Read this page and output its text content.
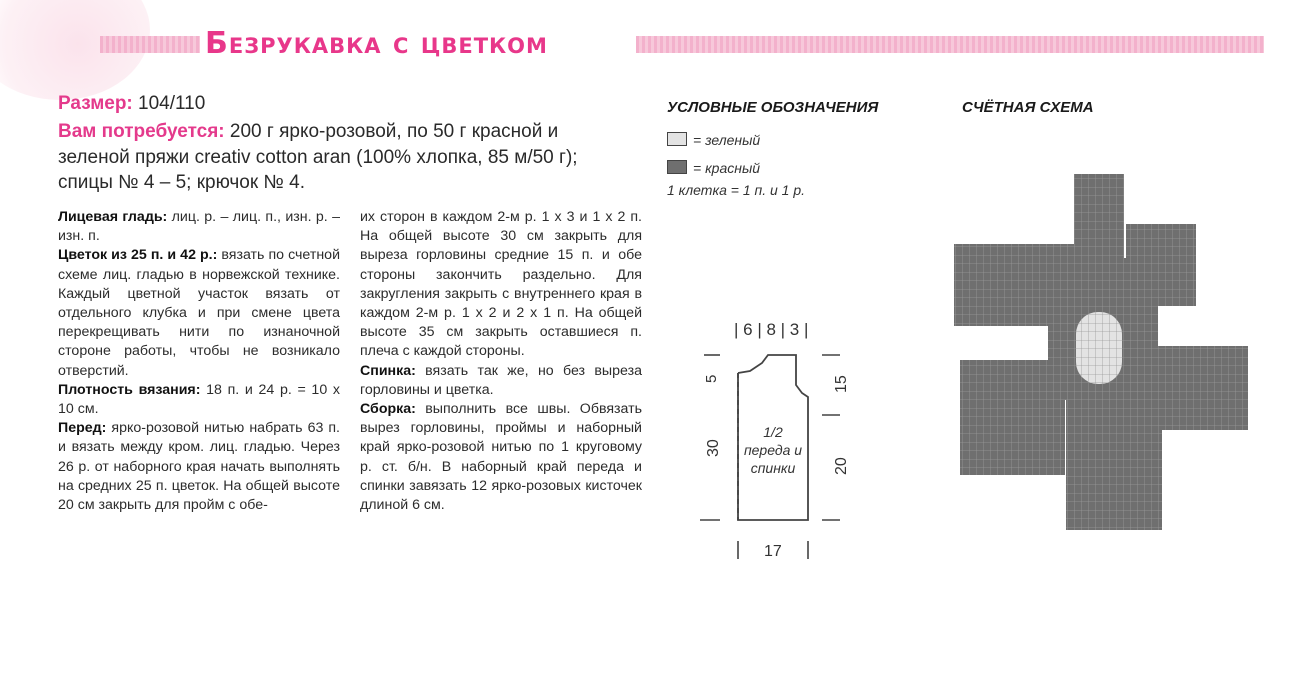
Безрукавка с цветком
Размер: 104/110
Вам потребуется: 200 г ярко-розовой, по 50 г красной и
зеленой пряжи creativ cotton aran (100% хлопка, 85 м/50 г);
спицы № 4 – 5; крючок № 4.

Лицевая гладь: лиц. р. – лиц. п., изн. р. – изн. п.

Цветок из 25 п. и 42 р.: вязать по счетной схеме лиц. гладью в норвежской технике. Каждый цветной участок вязать от отдельного клубка и при смене цвета перекрещивать нити по изнаночной стороне работы, чтобы не возникало отверстий.

Плотность вязания: 18 п. и 24 р. = 10 х 10 см.

Перед: ярко-розовой нитью набрать 63 п. и вязать между кром. лиц. гладью. Через 26 р. от наборного края начать выполнять на средних 25 п. цветок. На общей высоте 20 см закрыть для пройм с обе-

их сторон в каждом 2-м р. 1 х 3 и 1 х 2 п. На общей высоте 30 см закрыть для выреза горловины средние 15 п. и обе стороны закончить раздельно. Для закругления закрыть с внутреннего края в каждом 2-м р. 1 х 2 и 2 х 1 п. На общей высоте 35 см закрыть оставшиеся п. плеча с каждой стороны.

Спинка: вязать так же, но без выреза горловины и цветка.

Сборка: выполнить все швы. Обвязать вырез горловины, проймы и наборный край ярко-розовой нитью по 1 круговому р. ст. б/н. В наборный край переда и спинки завязать 12 ярко-розовых кисточек длиной 6 см.

УСЛОВНЫЕ ОБОЗНАЧЕНИЯ	СЧЁТНАЯ СХЕМА
= зеленый
= красный
1 клетка = 1 п. и 1 р.
| 6 | 8 | 3 |
5
30
15
20
17
1/2
переда и
спинки
